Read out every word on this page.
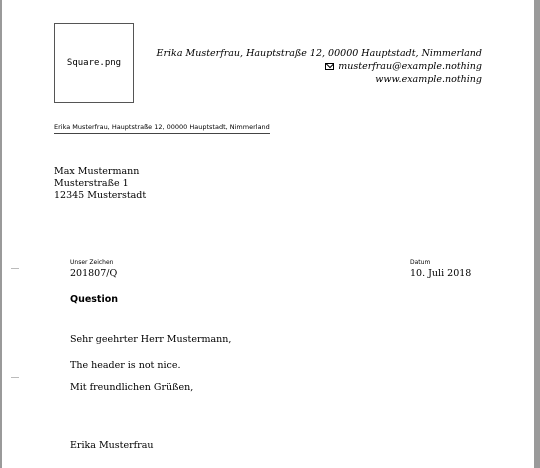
Square.png
Erika Musterfrau, Hauptstraße 12, 00000 Hauptstadt, Nimmerland
musterfrau@example.nothing
www.example.nothing
Erika Musterfrau, Hauptstraße 12, 00000 Hauptstadt, Nimmerland
Max Mustermann
Musterstraße 1
12345 Musterstadt
Unser Zeichen
201807/Q
Datum
10. Juli 2018
Question
Sehr geehrter Herr Mustermann,
The header is not nice.
Mit freundlichen Grüßen,
Erika Musterfrau
